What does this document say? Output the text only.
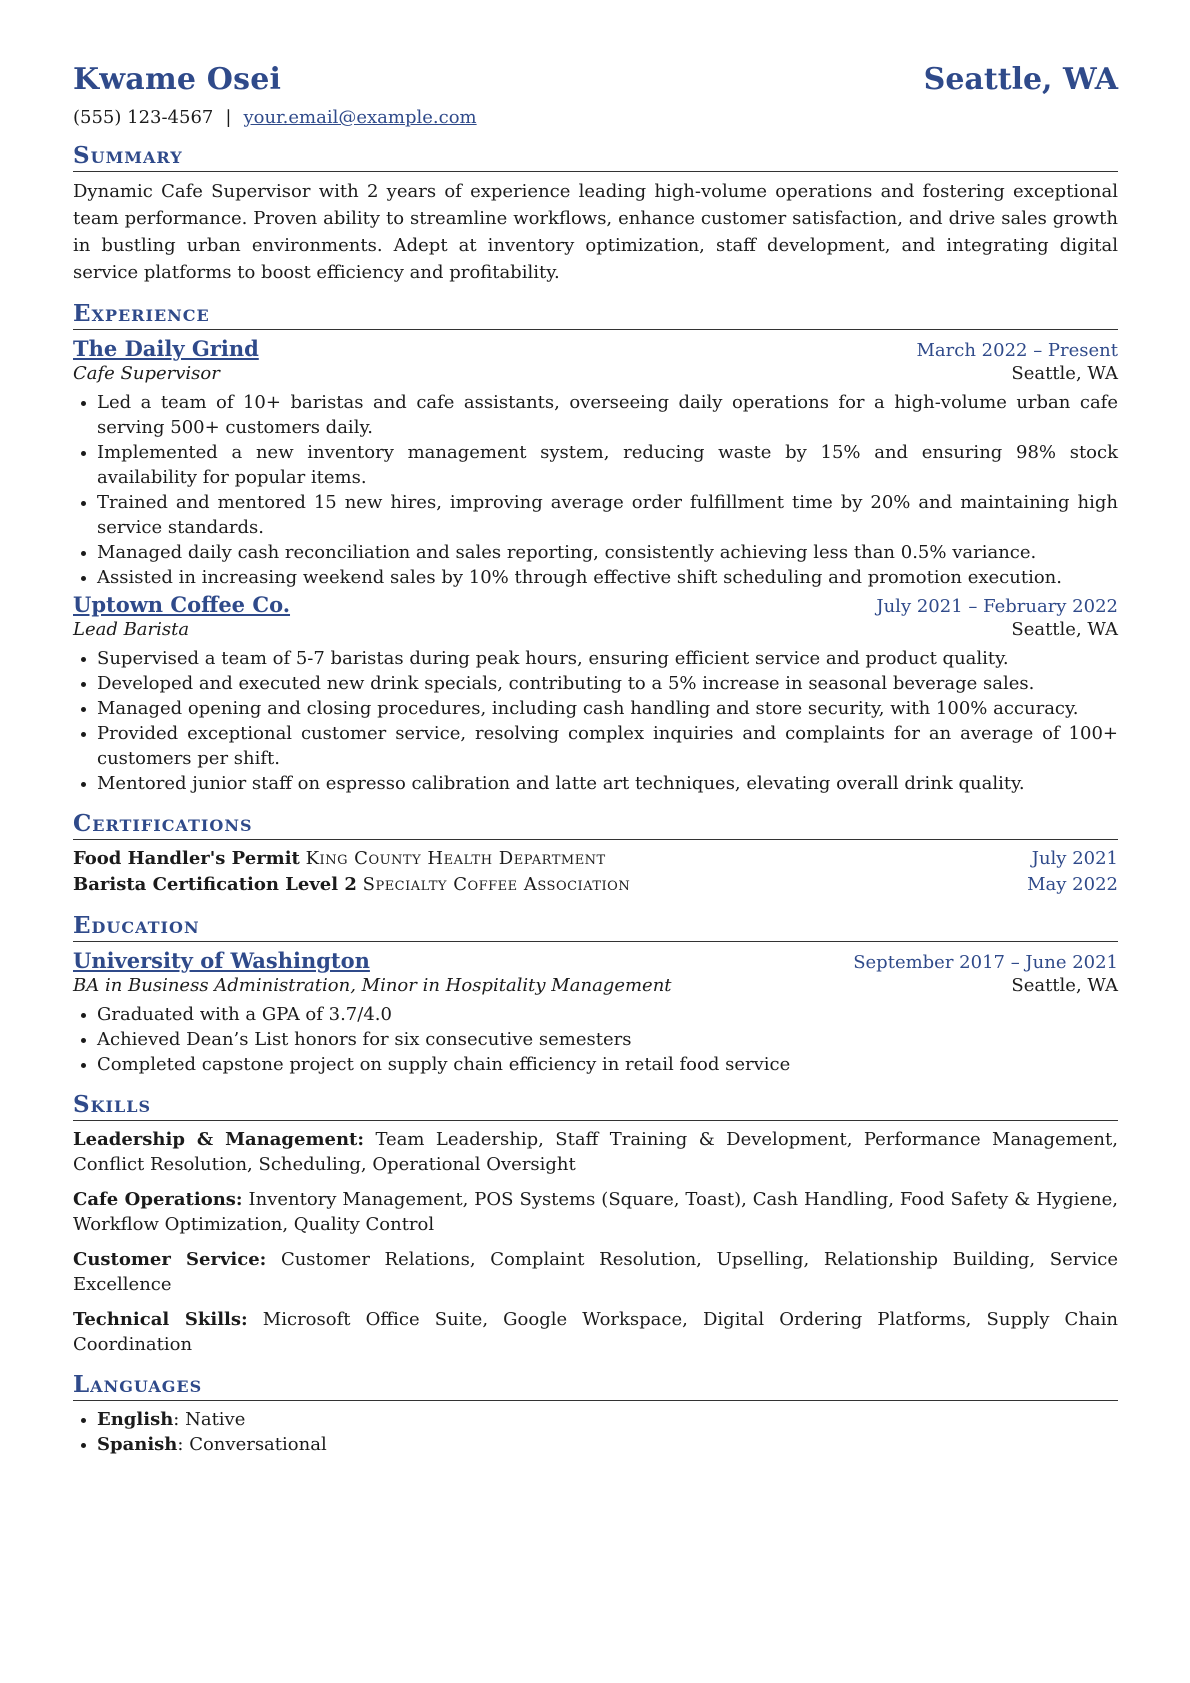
Kwame Osei	Seattle, WA
(555) 123-4567 | your.email@example.com
Summary
Dynamic Cafe Supervisor with 2 years of experience leading high-volume operations and fostering exceptional team performance. Proven ability to streamline workflows, enhance customer satisfaction, and drive sales growth in bustling urban environments. Adept at inventory optimization, staff development, and integrating digital service platforms to boost efficiency and profitability.
Experience
The Daily Grind	March 2022 – Present
Cafe Supervisor	Seattle, WA
Led a team of 10+ baristas and cafe assistants, overseeing daily operations for a high-volume urban cafe serving 500+ customers daily.
Implemented a new inventory management system, reducing waste by 15% and ensuring 98% stock availability for popular items.
Trained and mentored 15 new hires, improving average order fulfillment time by 20% and maintaining high service standards.
Managed daily cash reconciliation and sales reporting, consistently achieving less than 0.5% variance.
Assisted in increasing weekend sales by 10% through effective shift scheduling and promotion execution.
Uptown Coffee Co.	July 2021 – February 2022
Lead Barista	Seattle, WA
Supervised a team of 5-7 baristas during peak hours, ensuring efficient service and product quality.
Developed and executed new drink specials, contributing to a 5% increase in seasonal beverage sales.
Managed opening and closing procedures, including cash handling and store security, with 100% accuracy.
Provided exceptional customer service, resolving complex inquiries and complaints for an average of 100+ customers per shift.
Mentored junior staff on espresso calibration and latte art techniques, elevating overall drink quality.
Certifications
Food Handler's Permit King County Health Department	July 2021
Barista Certification Level 2 Specialty Coffee Association	May 2022
Education
University of Washington	September 2017 – June 2021
BA in Business Administration, Minor in Hospitality Management	Seattle, WA
Graduated with a GPA of 3.7/4.0
Achieved Dean’s List honors for six consecutive semesters
Completed capstone project on supply chain efficiency in retail food service
Skills
Leadership & Management: Team Leadership, Staff Training & Development, Performance Management, Conflict Resolution, Scheduling, Operational Oversight
Cafe Operations: Inventory Management, POS Systems (Square, Toast), Cash Handling, Food Safety & Hygiene, Workflow Optimization, Quality Control
Customer Service: Customer Relations, Complaint Resolution, Upselling, Relationship Building, Service Excellence
Technical Skills: Microsoft Office Suite, Google Workspace, Digital Ordering Platforms, Supply Chain Coordination
Languages
English: Native
Spanish: Conversational
